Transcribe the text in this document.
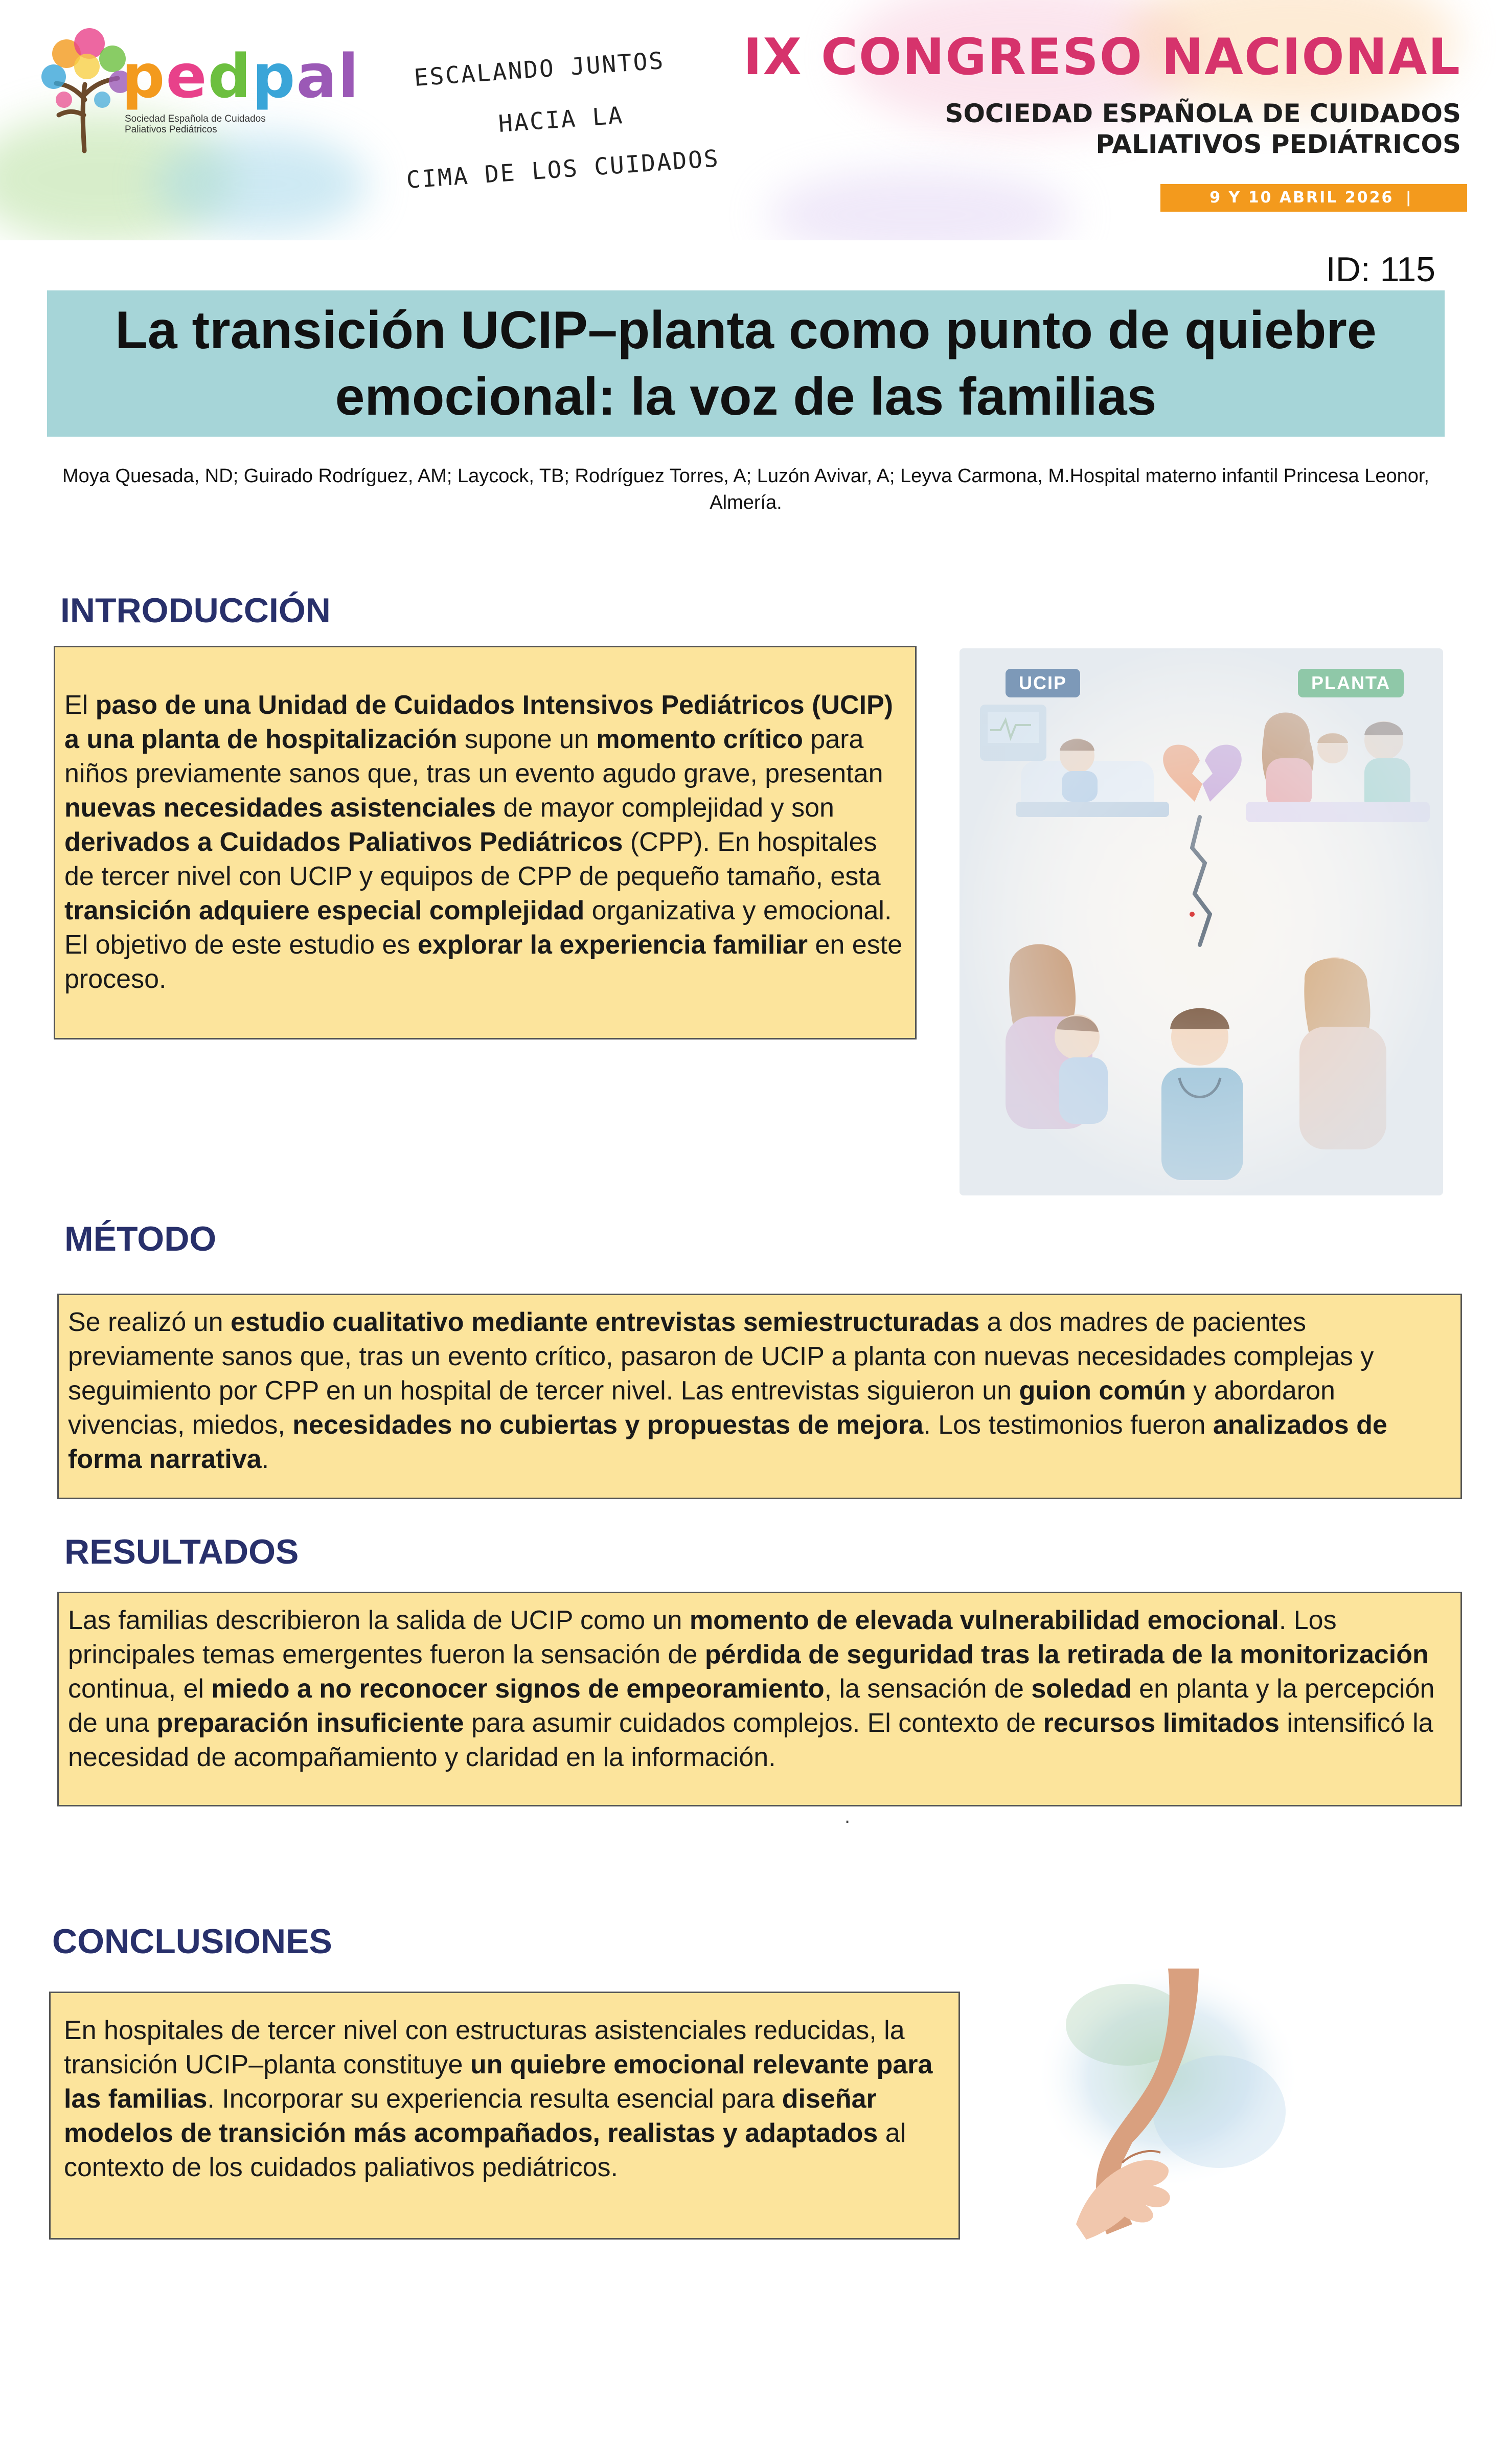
pedpal
Sociedad Española de Cuidados Paliativos Pediátricos
ESCALANDO JUNTOS
HACIA LA
CIMA DE LOS CUIDADOS
IX CONGRESO NACIONAL
SOCIEDAD ESPAÑOLA DE CUIDADOS
PALIATIVOS PEDIÁTRICOS
9 Y 10 ABRIL 2026 | TENERIFE
ID: 115
La transición UCIP–planta como punto de quiebre emocional: la voz de las familias
Moya Quesada, ND; Guirado Rodríguez, AM; Laycock, TB; Rodríguez Torres, A; Luzón Avivar, A; Leyva Carmona, M.Hospital materno infantil Princesa Leonor, Almería.
INTRODUCCIÓN
El paso de una Unidad de Cuidados Intensivos Pediátricos (UCIP) a una planta de hospitalización supone un momento crítico para niños previamente sanos que, tras un evento agudo grave, presentan nuevas necesidades asistenciales de mayor complejidad y son derivados a Cuidados Paliativos Pediátricos (CPP). En hospitales de tercer nivel con UCIP y equipos de CPP de pequeño tamaño, esta transición adquiere especial complejidad organizativa y emocional. El objetivo de este estudio es explorar la experiencia familiar en este proceso.
UCIP	PLANTA
MÉTODO
Se realizó un estudio cualitativo mediante entrevistas semiestructuradas a dos madres de pacientes previamente sanos que, tras un evento crítico, pasaron de UCIP a planta con nuevas necesidades complejas y seguimiento por CPP en un hospital de tercer nivel. Las entrevistas siguieron un guion común y abordaron vivencias, miedos, necesidades no cubiertas y propuestas de mejora. Los testimonios fueron analizados de forma narrativa.
RESULTADOS
Las familias describieron la salida de UCIP como un momento de elevada vulnerabilidad emocional. Los principales temas emergentes fueron la sensación de pérdida de seguridad tras la retirada de la monitorización continua, el miedo a no reconocer signos de empeoramiento, la sensación de soledad en planta y la percepción de una preparación insuficiente para asumir cuidados complejos. El contexto de recursos limitados intensificó la necesidad de acompañamiento y claridad en la información.
.
CONCLUSIONES
En hospitales de tercer nivel con estructuras asistenciales reducidas, la transición UCIP–planta constituye un quiebre emocional relevante para las familias. Incorporar su experiencia resulta esencial para diseñar modelos de transición más acompañados, realistas y adaptados al contexto de los cuidados paliativos pediátricos.
